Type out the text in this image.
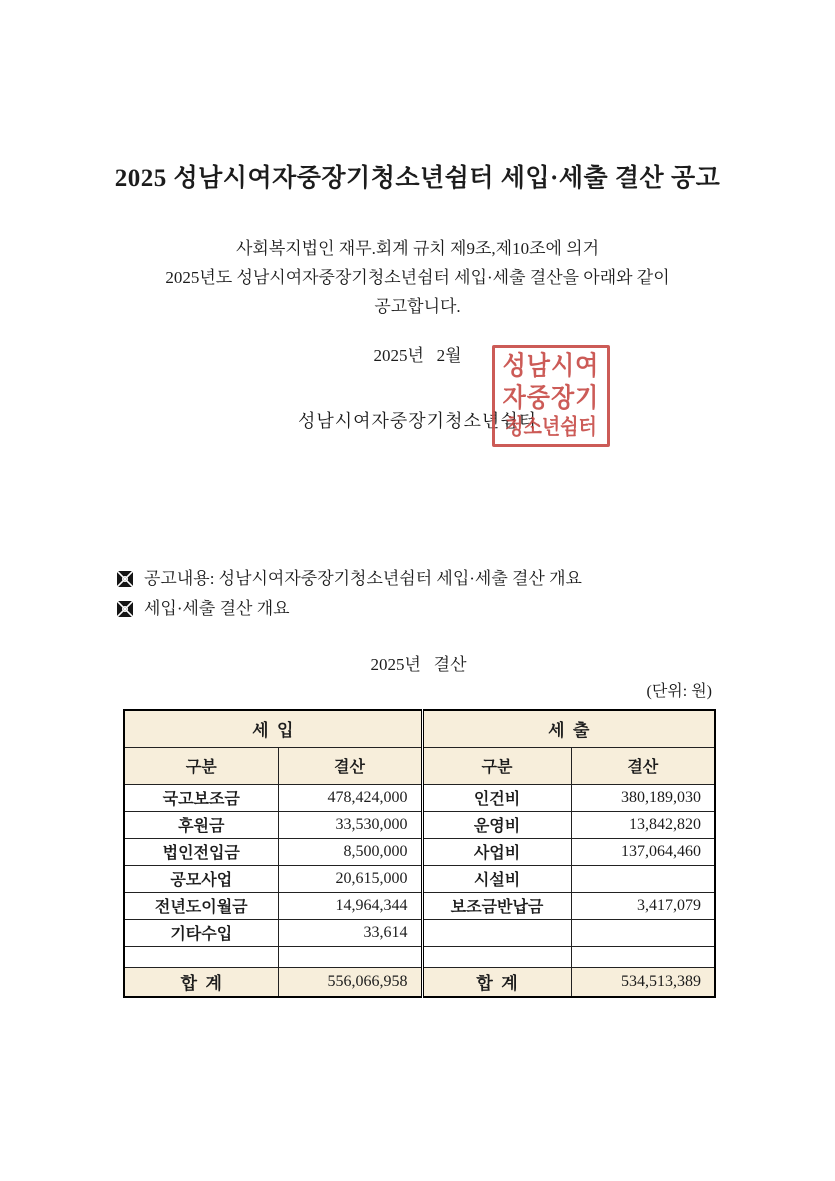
2025 성남시여자중장기청소년쉼터 세입·세출 결산 공고
사회복지법인 재무.회계 규치 제9조,제10조에 의거
2025년도 성남시여자중장기청소년쉼터 세입·세출 결산을 아래와 같이
공고합니다.
2025년   2월
성남시여자중장기청소년쉼터
성남시여
자중장기
청소년쉼터
공고내용: 성남시여자중장기청소년쉼터 세입·세출 결산 개요
세입·세출 결산 개요
2025년   결산
(단위: 원)
세  입		세  출	
구분	결산	구분	결산
국고보조금	478,424,000	인건비	380,189,030
후원금	33,530,000	운영비	13,842,820
법인전입금	8,500,000	사업비	137,064,460
공모사업	20,615,000	시설비	
전년도이월금	14,964,344	보조금반납금	3,417,079
기타수입	33,614		

합  계	556,066,958	합  계	534,513,389
